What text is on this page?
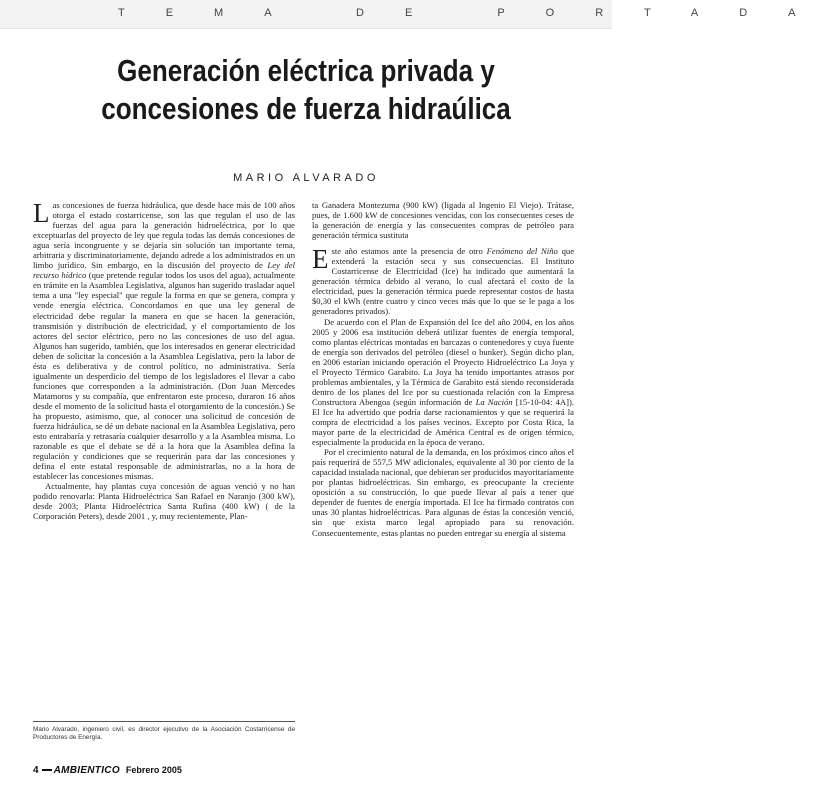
TEMA DE PORTADA
Generación eléctrica privada y
concesiones de fuerza hidraúlica
MARIO ALVARADO

Las concesiones de fuerza hidráulica, que desde hace más de 100 años otorga el estado costarricense, son las que regulan el uso de las fuerzas del agua para la generación hidroeléctrica, por lo que exceptuarlas del proyecto de ley que regula todas las demás concesiones de agua sería incongruente y se dejaría sin solución tan importante tema, arbitraria y discriminatoriamente, dejando adrede a los administrados en un limbo jurídico. Sin embargo, en la discusión del proyecto de Ley del recurso hídrico (que pretende regular todos los usos del agua), actualmente en trámite en la Asamblea Legislativa, algunos han sugerido trasladar aquel tema a una "ley especial" que regule la forma en que se genera, compra y vende energía eléctrica. Concordamos en que una ley general de electricidad debe regular la manera en que se hacen la generación, transmisión y distribución de electricidad, y el comportamiento de los actores del sector eléctrico, pero no las concesiones de uso del agua. Algunos han sugerido, también, que los interesados en generar electricidad deben de solicitar la concesión a la Asamblea Legislativa, pero la labor de ésta es deliberativa y de control político, no administrativa. Sería igualmente un desperdicio del tiempo de los legisladores el llevar a cabo funciones que corresponden a la administración. (Don Juan Mercedes Matamoros y su compañía, que enfrentaron este proceso, duraron 16 años desde el momento de la solicitud hasta el otorgamiento de la concesión.) Se ha propuesto, asimismo, que, al conocer una solicitud de concesión de fuerza hidráulica, se dé un debate nacional en la Asamblea Legislativa, pero esto entrabaría y retrasaría cualquier desarrollo y a la Asamblea misma. Lo razonable es que el debate se dé a la hora que la Asamblea defina la regulación y condiciones que se requerirán para dar las concesiones y defina el ente estatal responsable de administrarlas, no a la hora de establecer las concesiones mismas.

Actualmente, hay plantas cuya concesión de aguas venció y no han podido renovarla: Planta Hidroeléctrica San Rafael en Naranjo (300 kW), desde 2003; Planta Hidroeléctrica Santa Rufina (400 kW) ( de la Corporación Peters), desde 2001 , y, muy recientemente, Plan-

ta Ganadera Montezuma (900 kW) (ligada al Ingenio El Viejo). Trátase, pues, de 1.600 kW de concesiones vencidas, con los consecuentes ceses de la generación de energía y las consecuentes compras de petróleo para generación térmica sustituta

Este año estamos ante la presencia de otro Fenómeno del Niño que extenderá la estación seca y sus consecuencias. El Instituto Costarricense de Electricidad (Ice) ha indicado que aumentará la generación térmica debido al verano, lo cual afectará el costo de la electricidad, pues la generación térmica puede representar costos de hasta $0,30 el kWh (entre cuatro y cinco veces más que lo que se le paga a los generadores privados).

De acuerdo con el Plan de Expansión del Ice del año 2004, en los años 2005 y 2006 esa institución deberá utilizar fuentes de energía temporal, como plantas eléctricas montadas en barcazas o contenedores y cuya fuente de energía son derivados del petróleo (diesel o bunker). Según dicho plan, en 2006 estarían iniciando operación el Proyecto Hidroeléctrico La Joya y el Proyecto Térmico Garabito. La Joya ha tenido importantes atrasos por problemas ambientales, y la Térmica de Garabito está siendo reconsiderada dentro de los planes del Ice por su cuestionada relación con la Empresa Constructora Abengoa (según información de La Nación [15-10-04: 4A]). El Ice ha advertido que podría darse racionamientos y que se requerirá la compra de electricidad a los países vecinos. Excepto por Costa Rica, la mayor parte de la electricidad de América Central es de origen térmico, especialmente la producida en la época de verano.

Por el crecimiento natural de la demanda, en los próximos cinco años el país requerirá de 557,5 MW adicionales, equivalente al 30 por ciento de la capacidad instalada nacional, que debieran ser producidos mayoritariamente por plantas hidroeléctricas. Sin embargo, es preocupante la creciente oposición a su construcción, lo que puede llevar al país a tener que depender de fuentes de energía importada. El Ice ha firmado contratos con unas 30 plantas hidroeléctricas. Para algunas de éstas la concesión venció, sin que exista marco legal apropiado para su renovación. Consecuentemente, estas plantas no pueden entregar su energía al sistema

Mario Alvarado, ingeniero civil, es director ejecutivo de la Asociación Costarricense de Productores de Energía.
4 AMBIENTICO Febrero 2005
